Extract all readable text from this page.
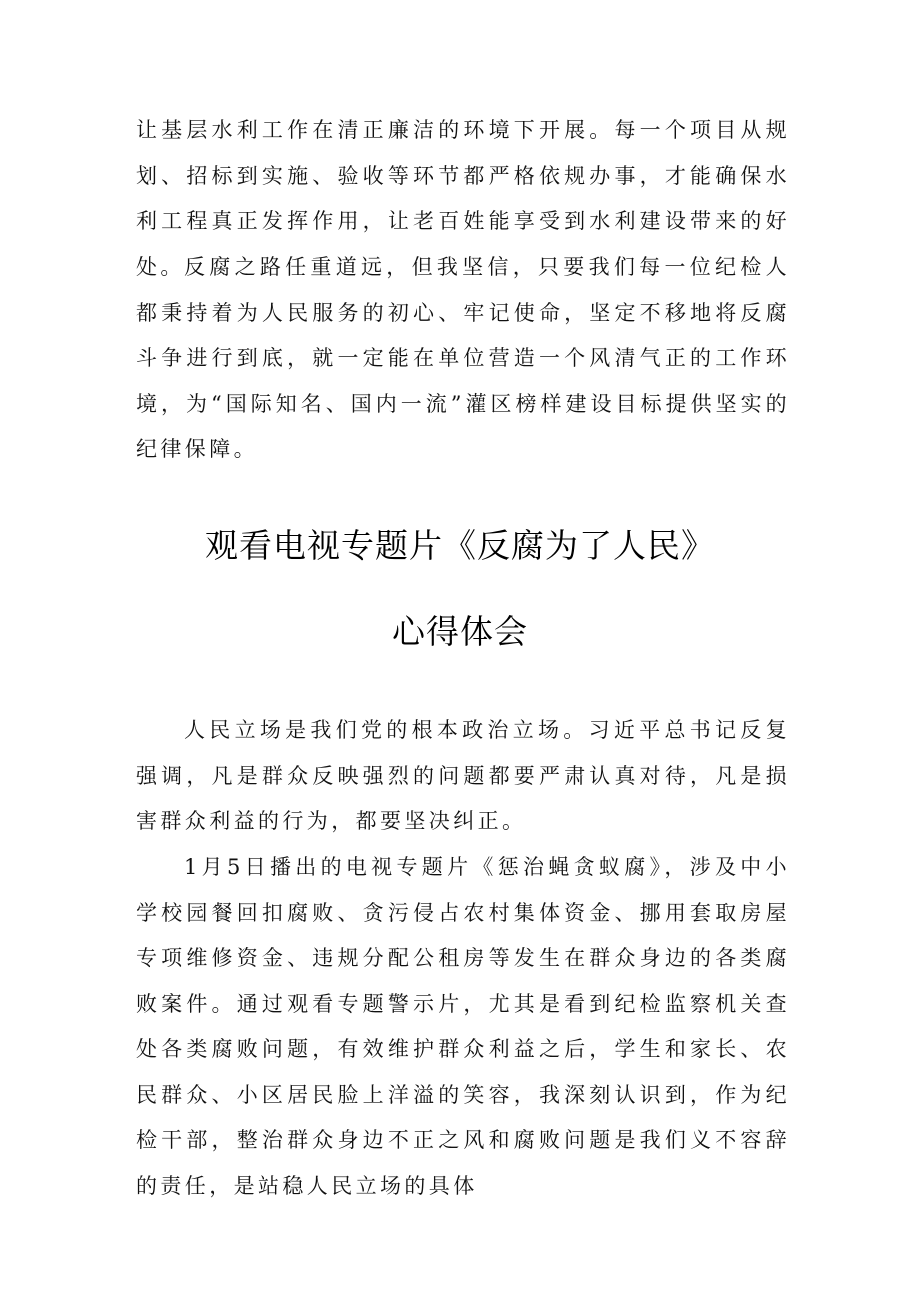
让基层水利工作在清正廉洁的环境下开展。每一个项目从规划、招标到实施、验收等环节都严格依规办事，才能确保水利工程真正发挥作用，让老百姓能享受到水利建设带来的好处。 反腐之路任重道远，但我坚信，只要我们每一位纪检人都秉持着为人民服务的初心、牢记使命，坚定不移地将反腐斗争进行到底，就一定能在单位营造一个风清气正的工作环境，为“国际知名、国内一流”灌区榜样建设目标提供坚实的纪律保障。

观看电视专题片《反腐为了人民》
心得体会

人民立场是我们党的根本政治立场。习近平总书记反复强调，凡是群众反映强烈的问题都要严肃认真对待，凡是损害群众利益的行为，都要坚决纠正。

1月5日播出的电视专题片《惩治蝇贪蚁腐》，涉及中小学校园餐回扣腐败、贪污侵占农村集体资金、挪用套取房屋专项维修资金、违规分配公租房等发生在群众身边的各类腐败案件。通过观看专题警示片，尤其是看到纪检监察机关查处各类腐败问题，有效维护群众利益之后，学生和家长、农民群众、小区居民脸上洋溢的笑容，我深刻认识到，作为纪检干部，整治群众身边不正之风和腐败问题是我们义不容辞的责任，是站稳人民立场的具体
